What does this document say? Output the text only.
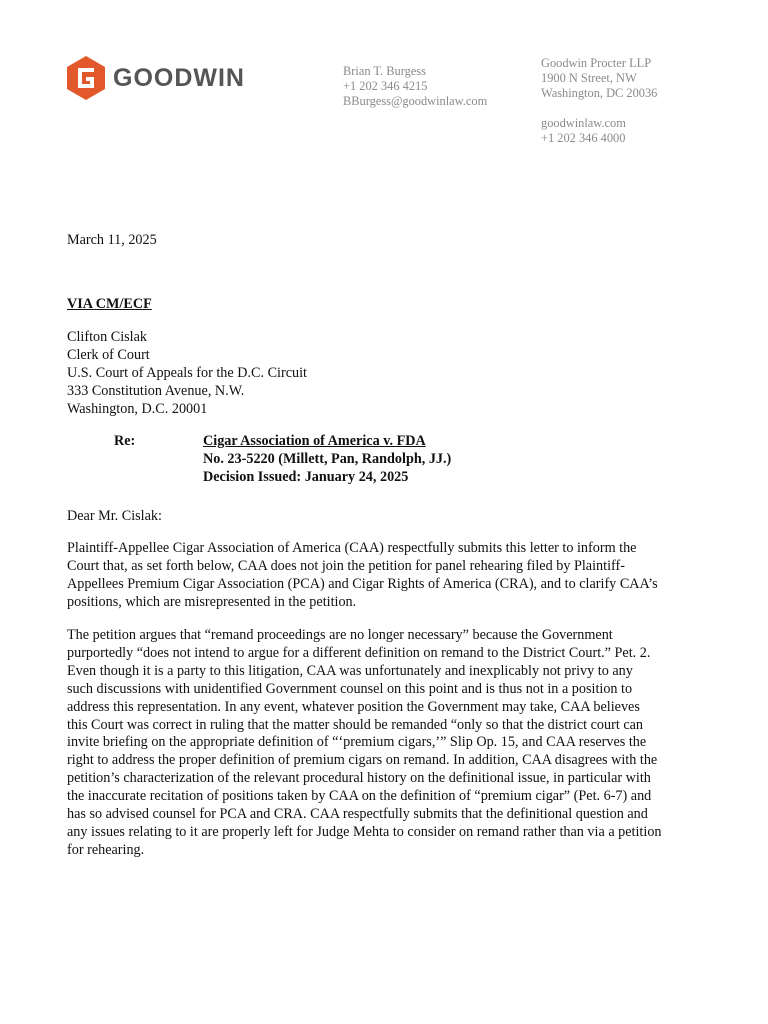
GOODWIN	Brian T. Burgess
+1 202 346 4215
BBurgess@goodwinlaw.com
Goodwin Procter LLP
1900 N Street, NW
Washington, DC 20036
goodwinlaw.com
+1 202 346 4000
March 11, 2025
VIA CM/ECF
Clifton Cislak
Clerk of Court
U.S. Court of Appeals for the D.C. Circuit
333 Constitution Avenue, N.W.
Washington, D.C. 20001
Re:	Cigar Association of America v. FDA
No. 23-5220 (Millett, Pan, Randolph, JJ.)
Decision Issued: January 24, 2025
Dear Mr. Cislak:
Plaintiff-Appellee Cigar Association of America (CAA) respectfully submits this letter to inform the
Court that, as set forth below, CAA does not join the petition for panel rehearing filed by Plaintiff-
Appellees Premium Cigar Association (PCA) and Cigar Rights of America (CRA), and to clarify CAA’s
positions, which are misrepresented in the petition.
The petition argues that “remand proceedings are no longer necessary” because the Government
purportedly “does not intend to argue for a different definition on remand to the District Court.” Pet. 2.
Even though it is a party to this litigation, CAA was unfortunately and inexplicably not privy to any
such discussions with unidentified Government counsel on this point and is thus not in a position to
address this representation. In any event, whatever position the Government may take, CAA believes
this Court was correct in ruling that the matter should be remanded “only so that the district court can
invite briefing on the appropriate definition of “‘premium cigars,’” Slip Op. 15, and CAA reserves the
right to address the proper definition of premium cigars on remand. In addition, CAA disagrees with the
petition’s characterization of the relevant procedural history on the definitional issue, in particular with
the inaccurate recitation of positions taken by CAA on the definition of “premium cigar” (Pet. 6-7) and
has so advised counsel for PCA and CRA. CAA respectfully submits that the definitional question and
any issues relating to it are properly left for Judge Mehta to consider on remand rather than via a petition
for rehearing.
